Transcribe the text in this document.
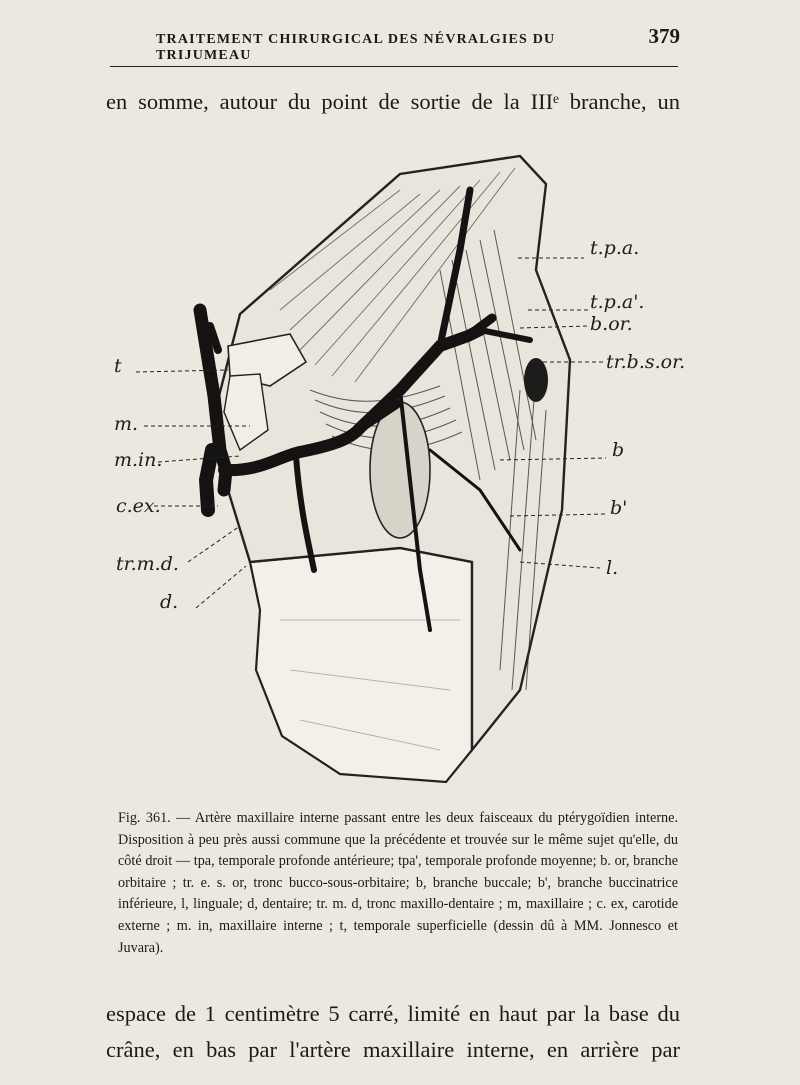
TRAITEMENT CHIRURGICAL DES NÉVRALGIES DU TRIJUMEAU
379
en somme, autour du point de sortie de la IIIᵉ branche, un
t
m.
m.in.
c.ex.
tr.m.d.
d.
t.p.a.
t.p.a'.
b.or.
tr.b.s.or.
b
b'
l.

Fig. 361. — Artère maxillaire interne passant entre les deux faisceaux du ptérygoïdien interne. Disposition à peu près aussi commune que la précédente et trouvée sur le même sujet qu'elle, du côté droit — tpa, temporale profonde antérieure; tpa', temporale profonde moyenne; b. or, branche orbitaire ; tr. e. s. or, tronc bucco-sous-orbitaire; b, branche buccale; b', branche buccinatrice inférieure, l, linguale; d, dentaire; tr. m. d, tronc maxillo-dentaire ; m, maxillaire ; c. ex, carotide externe ; m. in, maxillaire interne ; t, temporale superficielle (dessin dû à MM. Jonnesco et Juvara).

espace de 1 centimètre 5 carré, limité en haut par la base du
crâne, en bas par l'artère maxillaire interne, en arrière par
